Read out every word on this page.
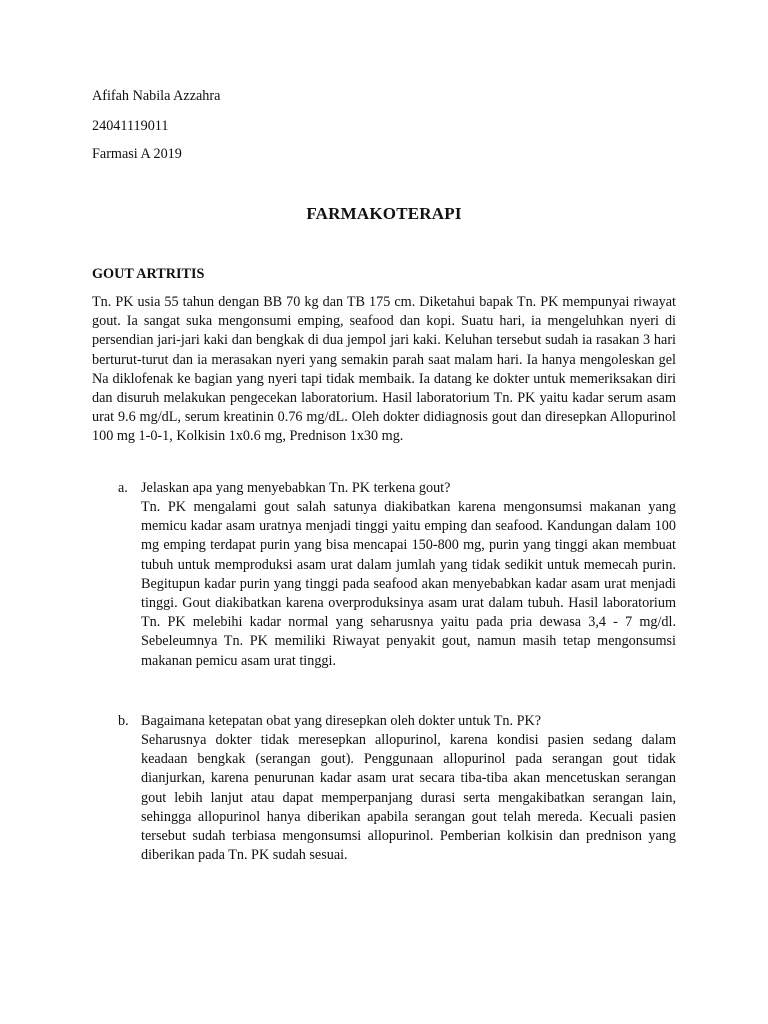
Afifah Nabila Azzahra

24041119011

Farmasi A 2019

FARMAKOTERAPI
GOUT ARTRITIS

Tn. PK usia 55 tahun dengan BB 70 kg dan TB 175 cm. Diketahui bapak Tn. PK mempunyai riwayat gout. Ia sangat suka mengonsumi emping, seafood dan kopi. Suatu hari, ia mengeluhkan nyeri di persendian jari-jari kaki dan bengkak di dua jempol jari kaki. Keluhan tersebut sudah ia rasakan 3 hari berturut-turut dan ia merasakan nyeri yang semakin parah saat malam hari. Ia hanya mengoleskan gel Na diklofenak ke bagian yang nyeri tapi tidak membaik. Ia datang ke dokter untuk memeriksakan diri dan disuruh melakukan pengecekan laboratorium. Hasil laboratorium Tn. PK yaitu kadar serum asam urat 9.6 mg/dL, serum kreatinin 0.76 mg/dL. Oleh dokter didiagnosis gout dan diresepkan Allopurinol 100 mg 1-0-1, Kolkisin 1x0.6 mg, Prednison 1x30 mg.

a. Jelaskan apa yang menyebabkan Tn. PK terkena gout?

Tn. PK mengalami gout salah satunya diakibatkan karena mengonsumsi makanan yang memicu kadar asam uratnya menjadi tinggi yaitu emping dan seafood. Kandungan dalam 100 mg emping terdapat purin yang bisa mencapai 150-800 mg, purin yang tinggi akan membuat tubuh untuk memproduksi asam urat dalam jumlah yang tidak sedikit untuk memecah purin. Begitupun kadar purin yang tinggi pada seafood akan menyebabkan kadar asam urat menjadi tinggi. Gout diakibatkan karena overproduksinya asam urat dalam tubuh. Hasil laboratorium Tn. PK melebihi kadar normal yang seharusnya yaitu pada pria dewasa 3,4 - 7 mg/dl. Sebeleumnya Tn. PK memiliki Riwayat penyakit gout, namun masih tetap mengonsumsi makanan pemicu asam urat tinggi.

b. Bagaimana ketepatan obat yang diresepkan oleh dokter untuk Tn. PK?

Seharusnya dokter tidak meresepkan allopurinol, karena kondisi pasien sedang dalam keadaan bengkak (serangan gout). Penggunaan allopurinol pada serangan gout tidak dianjurkan, karena penurunan kadar asam urat secara tiba-tiba akan mencetuskan serangan gout lebih lanjut atau dapat memperpanjang durasi serta mengakibatkan serangan lain, sehingga allopurinol hanya diberikan apabila serangan gout telah mereda. Kecuali pasien tersebut sudah terbiasa mengonsumsi allopurinol. Pemberian kolkisin dan prednison yang diberikan pada Tn. PK sudah sesuai.
